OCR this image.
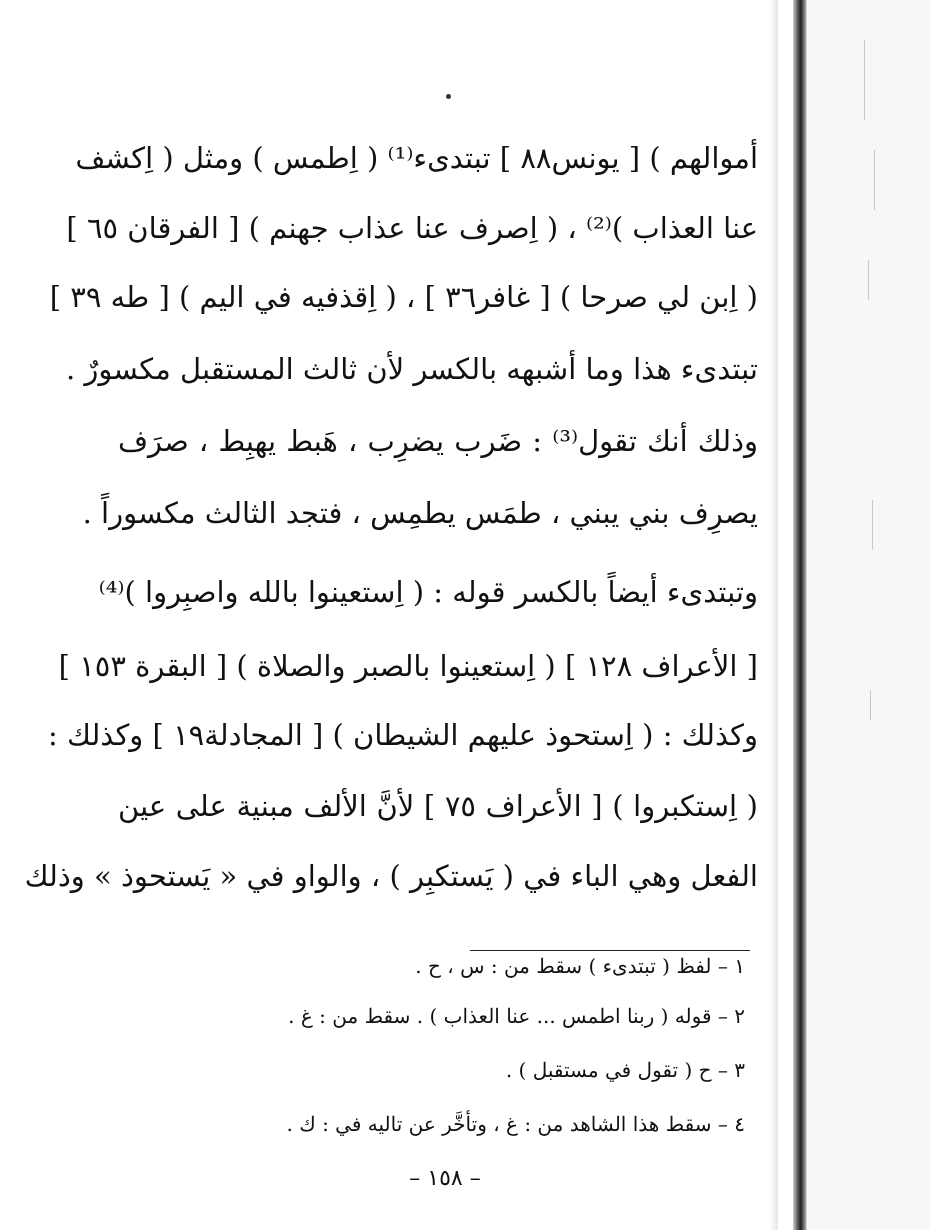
أموالهم ) [ يونس٨٨ ] تبتدىء⁽¹⁾ ( اِطمس ) ومثل ( اِكشف
عنا العذاب )⁽²⁾ ، ( اِصرف عنا عذاب جهنم ) [ الفرقان ٦٥ ]
( اِبن لي صرحا ) [ غافر٣٦ ] ، ( اِقذفيه في اليم ) [ طه ٣٩ ]
تبتدىء هذا وما أشبهه بالكسر لأن ثالث المستقبل مكسورٌ .
وذلك أنك تقول⁽³⁾ : ضَرب يضرِب ، هَبط يهبِط ، صرَف
يصرِف بني يبني ، طمَس يطمِس ، فتجد الثالث مكسوراً .
وتبتدىء أيضاً بالكسر قوله : ( اِستعينوا بالله واصبِروا )⁽⁴⁾
[ الأعراف ١٢٨ ] ( اِستعينوا بالصبر والصلاة ) [ البقرة ١٥٣ ]
وكذلك : ( اِستحوذ عليهم الشيطان ) [ المجادلة١٩ ] وكذلك :
( اِستكبروا ) [ الأعراف ٧٥ ] لأنَّ الألف مبنية على عين
الفعل وهي الباء في ( يَستكبِر ) ، والواو في « يَستحوذ » وذلك
١ – لفظ ( تبتدىء ) سقط من : س ، ح .
٢ – قوله ( ربنا اطمس ... عنا العذاب ) . سقط من : غ .
٣ – ح ( تقول في مستقبل ) .
٤ – سقط هذا الشاهد من : غ ، وتأخَّر عن تاليه في : ك .
– ١٥٨ –
